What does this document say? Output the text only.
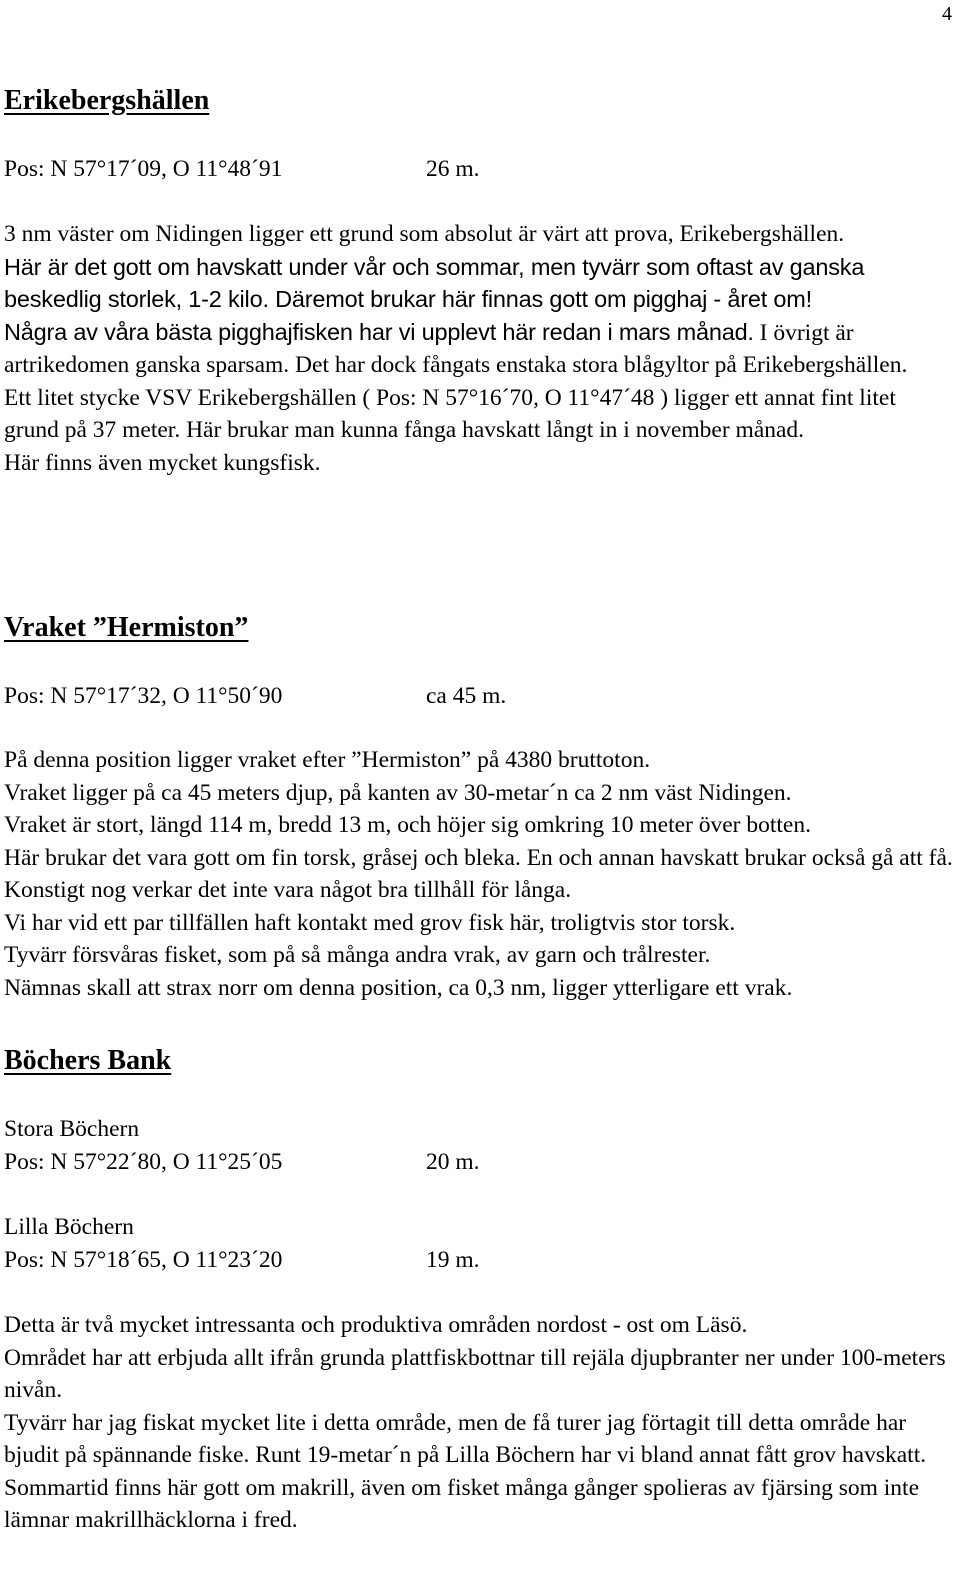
4
Erikebergshällen
Pos: N 57°17´09, O 11°48´91	26 m.

3 nm väster om Nidingen ligger ett grund som absolut är värt att prova, Erikebergshällen.

Här är det gott om havskatt under vår och sommar, men tyvärr som oftast av ganska beskedlig storlek, 1-2 kilo. Däremot brukar här finnas gott om pigghaj - året om!

Några av våra bästa pigghajfisken har vi upplevt här redan i mars månad. I övrigt är artrikedomen ganska sparsam. Det har dock fångats enstaka stora blågyltor på Erikebergshällen.

Ett litet stycke VSV Erikebergshällen ( Pos: N 57°16´70, O 11°47´48 ) ligger ett annat fint litet grund på 37 meter. Här brukar man kunna fånga havskatt långt in i november månad.

Här finns även mycket kungsfisk.

Vraket ”Hermiston”
Pos: N 57°17´32, O 11°50´90	ca 45 m.

På denna position ligger vraket efter ”Hermiston” på 4380 bruttoton.

Vraket ligger på ca 45 meters djup, på kanten av 30-metar´n ca 2 nm väst Nidingen.

Vraket är stort, längd 114 m, bredd 13 m, och höjer sig omkring 10 meter över botten.

Här brukar det vara gott om fin torsk, gråsej och bleka. En och annan havskatt brukar också gå att få. Konstigt nog verkar det inte vara något bra tillhåll för långa.

Vi har vid ett par tillfällen haft kontakt med grov fisk här, troligtvis stor torsk.

Tyvärr försvåras fisket, som på så många andra vrak, av garn och trålrester.

Nämnas skall att strax norr om denna position, ca 0,3 nm, ligger ytterligare ett vrak.

Böchers Bank
Stora Böchern
Pos: N 57°22´80, O 11°25´05	20 m.
Lilla Böchern
Pos: N 57°18´65, O 11°23´20	19 m.

Detta är två mycket intressanta och produktiva områden nordost - ost om Läsö.

Området har att erbjuda allt ifrån grunda plattfiskbottnar till rejäla djupbranter ner under 100-meters nivån.

Tyvärr har jag fiskat mycket lite i detta område, men de få turer jag förtagit till detta område har bjudit på spännande fiske. Runt 19-metar´n på Lilla Böchern har vi bland annat fått grov havskatt.

Sommartid finns här gott om makrill, även om fisket många gånger spolieras av fjärsing som inte lämnar makrillhäcklorna i fred.
